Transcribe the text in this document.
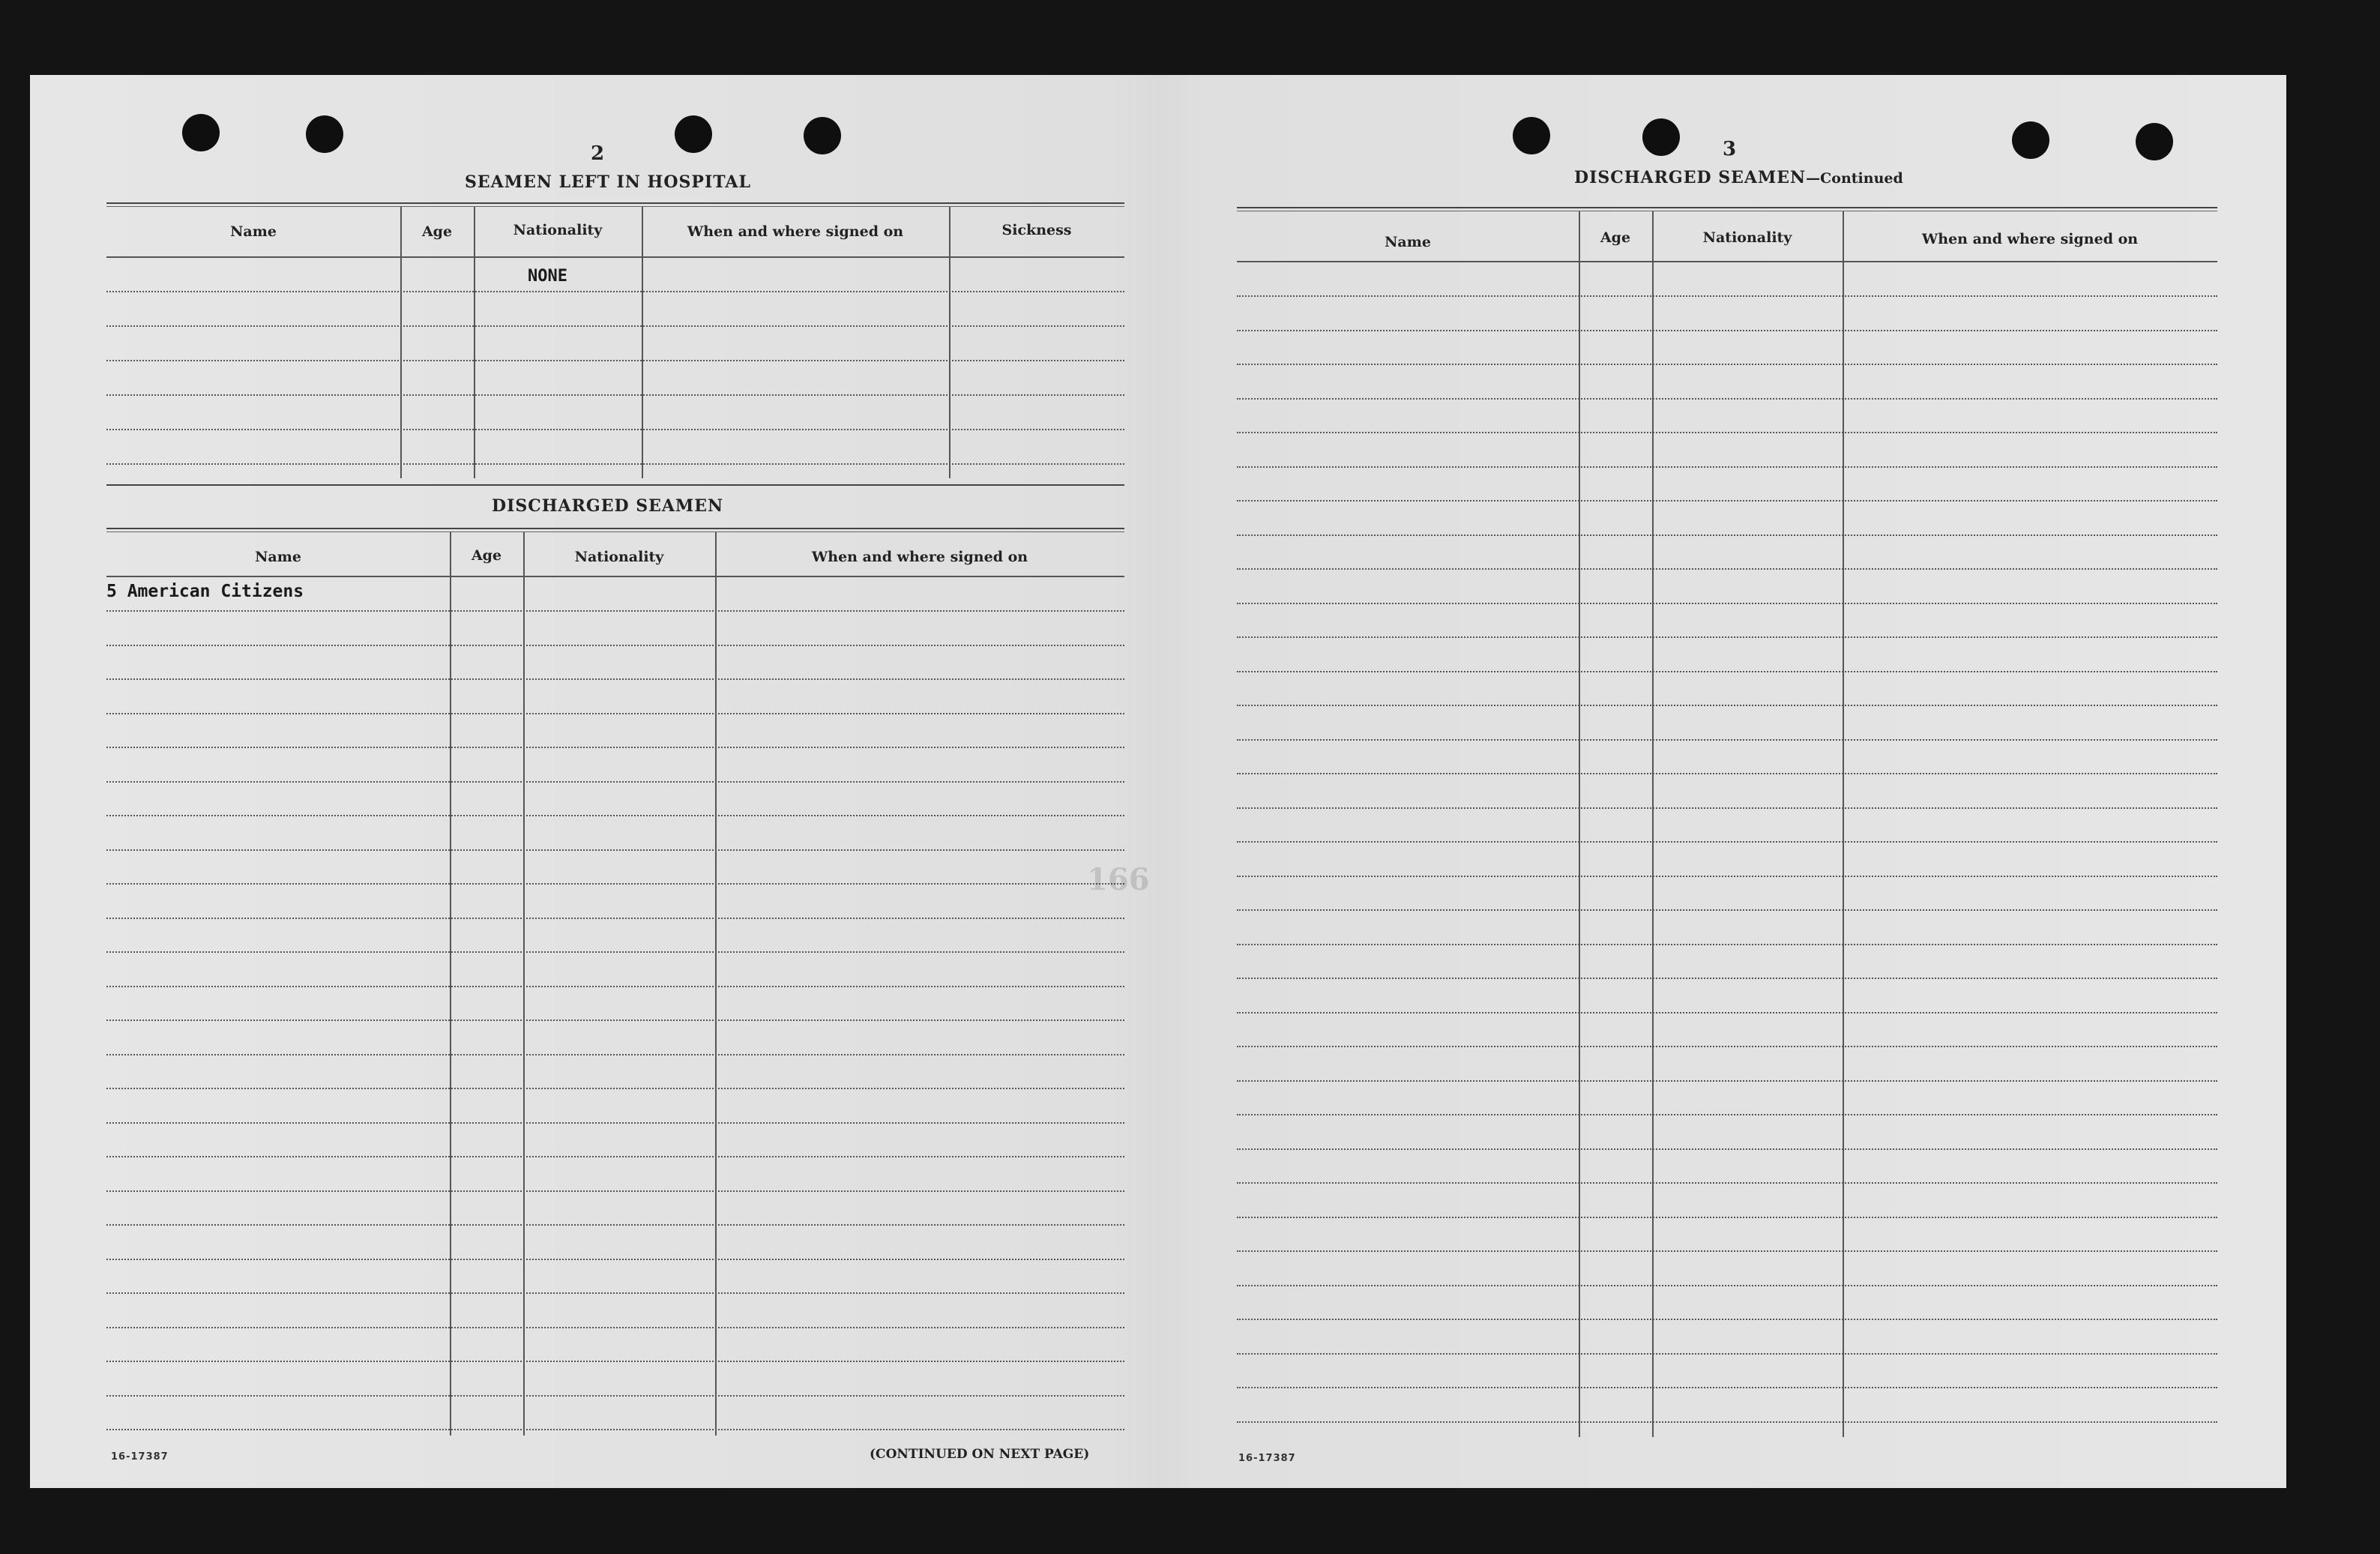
2
SEAMEN LEFT IN HOSPITAL
Name	Age	Nationality	When and where signed on	Sickness
NONE
DISCHARGED SEAMEN
Name	Age	Nationality	When and where signed on
5 American Citizens
16-17387	(CONTINUED ON NEXT PAGE)
166
3
DISCHARGED SEAMEN—Continued
Name	Age	Nationality	When and where signed on
16-17387
